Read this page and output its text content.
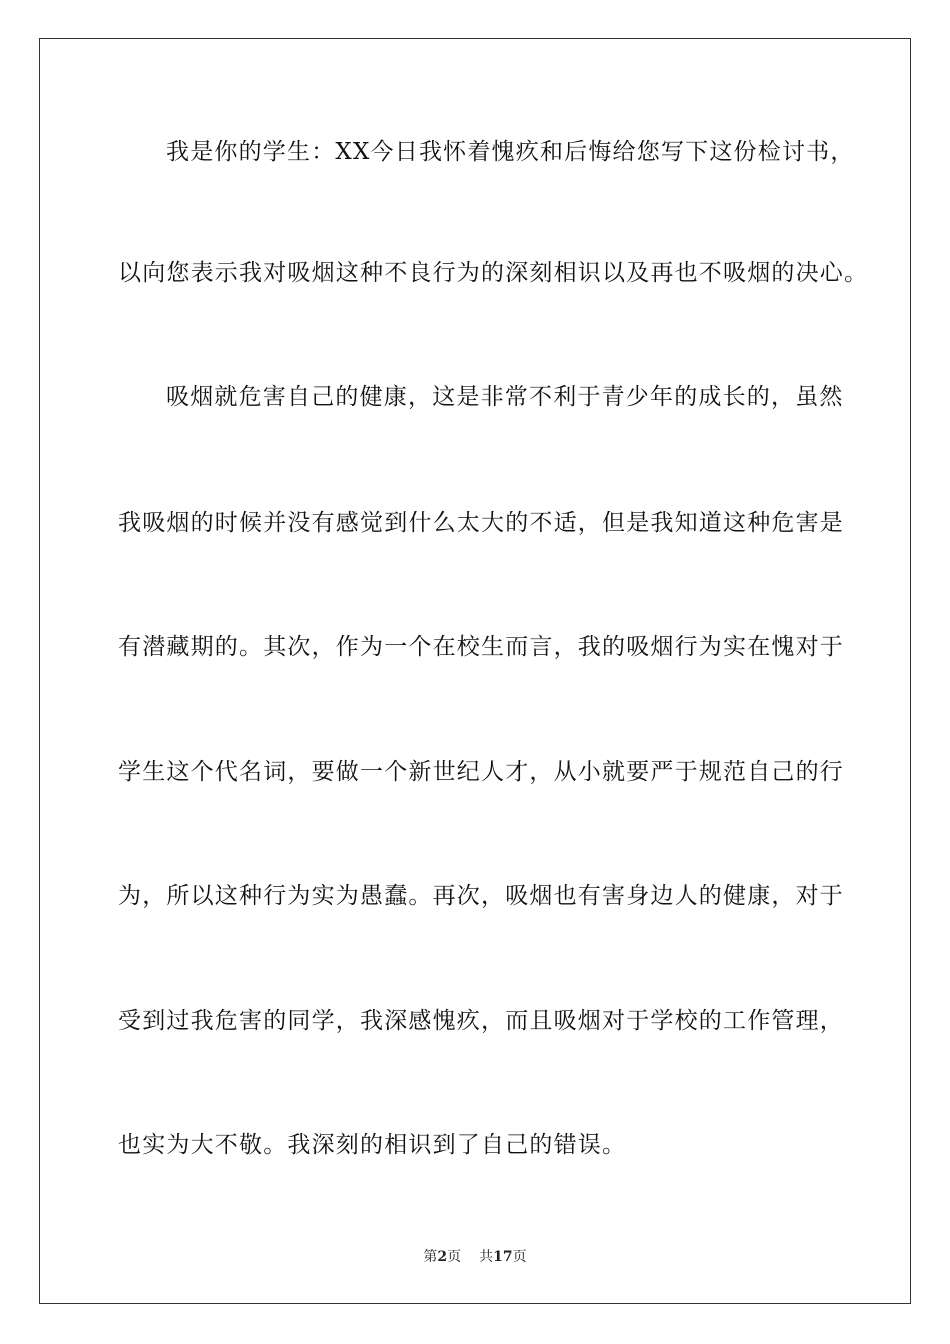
我是你的学生：XX今日我怀着愧疚和后悔给您写下这份检讨书，
以向您表示我对吸烟这种不良行为的深刻相识以及再也不吸烟的决心。
吸烟就危害自己的健康，这是非常不利于青少年的成长的，虽然
我吸烟的时候并没有感觉到什么太大的不适，但是我知道这种危害是
有潜藏期的。其次，作为一个在校生而言，我的吸烟行为实在愧对于
学生这个代名词，要做一个新世纪人才，从小就要严于规范自己的行
为，所以这种行为实为愚蠢。再次，吸烟也有害身边人的健康，对于
受到过我危害的同学，我深感愧疚，而且吸烟对于学校的工作管理，
也实为大不敬。我深刻的相识到了自己的错误。
第2页 共17页
